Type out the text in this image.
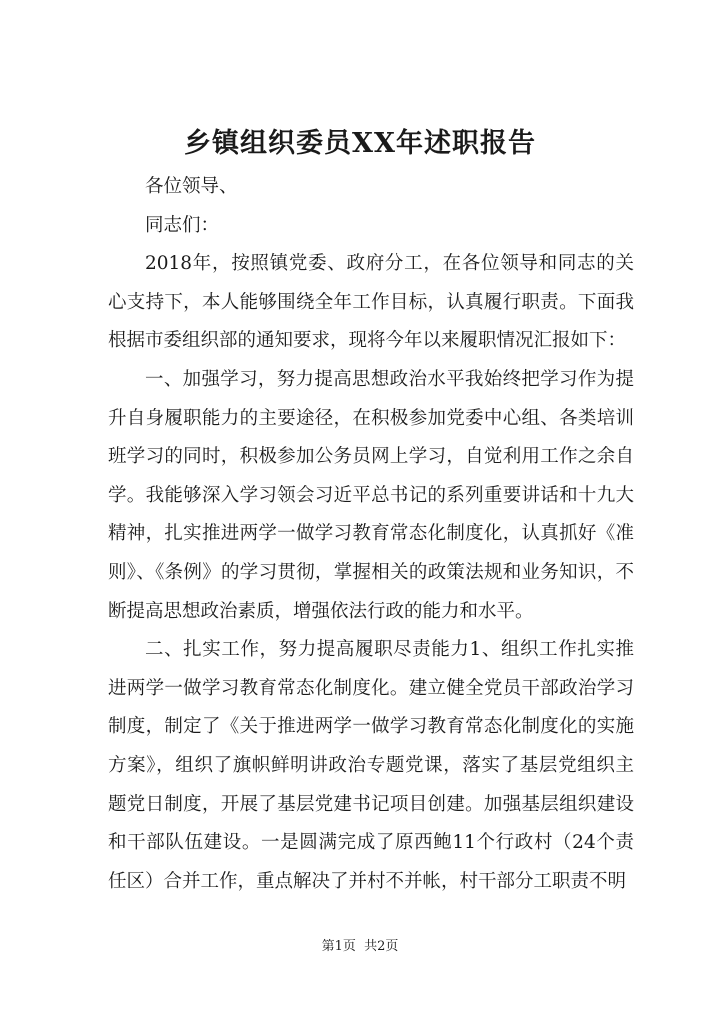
乡镇组织委员XX年述职报告

各位领导、

同志们：

2018年，按照镇党委、政府分工，在各位领导和同志的关心支持下，本人能够围绕全年工作目标，认真履行职责。下面我根据市委组织部的通知要求，现将今年以来履职情况汇报如下：

一、加强学习，努力提高思想政治水平我始终把学习作为提升自身履职能力的主要途径，在积极参加党委中心组、各类培训班学习的同时，积极参加公务员网上学习，自觉利用工作之余自学。我能够深入学习领会习近平总书记的系列重要讲话和十九大精神，扎实推进两学一做学习教育常态化制度化，认真抓好《准则》、《条例》的学习贯彻，掌握相关的政策法规和业务知识，不断提高思想政治素质，增强依法行政的能力和水平。

二、扎实工作，努力提高履职尽责能力1、组织工作扎实推进两学一做学习教育常态化制度化。建立健全党员干部政治学习制度，制定了《关于推进两学一做学习教育常态化制度化的实施方案》，组织了旗帜鲜明讲政治专题党课，落实了基层党组织主题党日制度，开展了基层党建书记项目创建。加强基层组织建设和干部队伍建设。一是圆满完成了原西鲍11个行政村（24个责任区）合并工作，重点解决了并村不并帐，村干部分工职责不明

第1页 共2页
